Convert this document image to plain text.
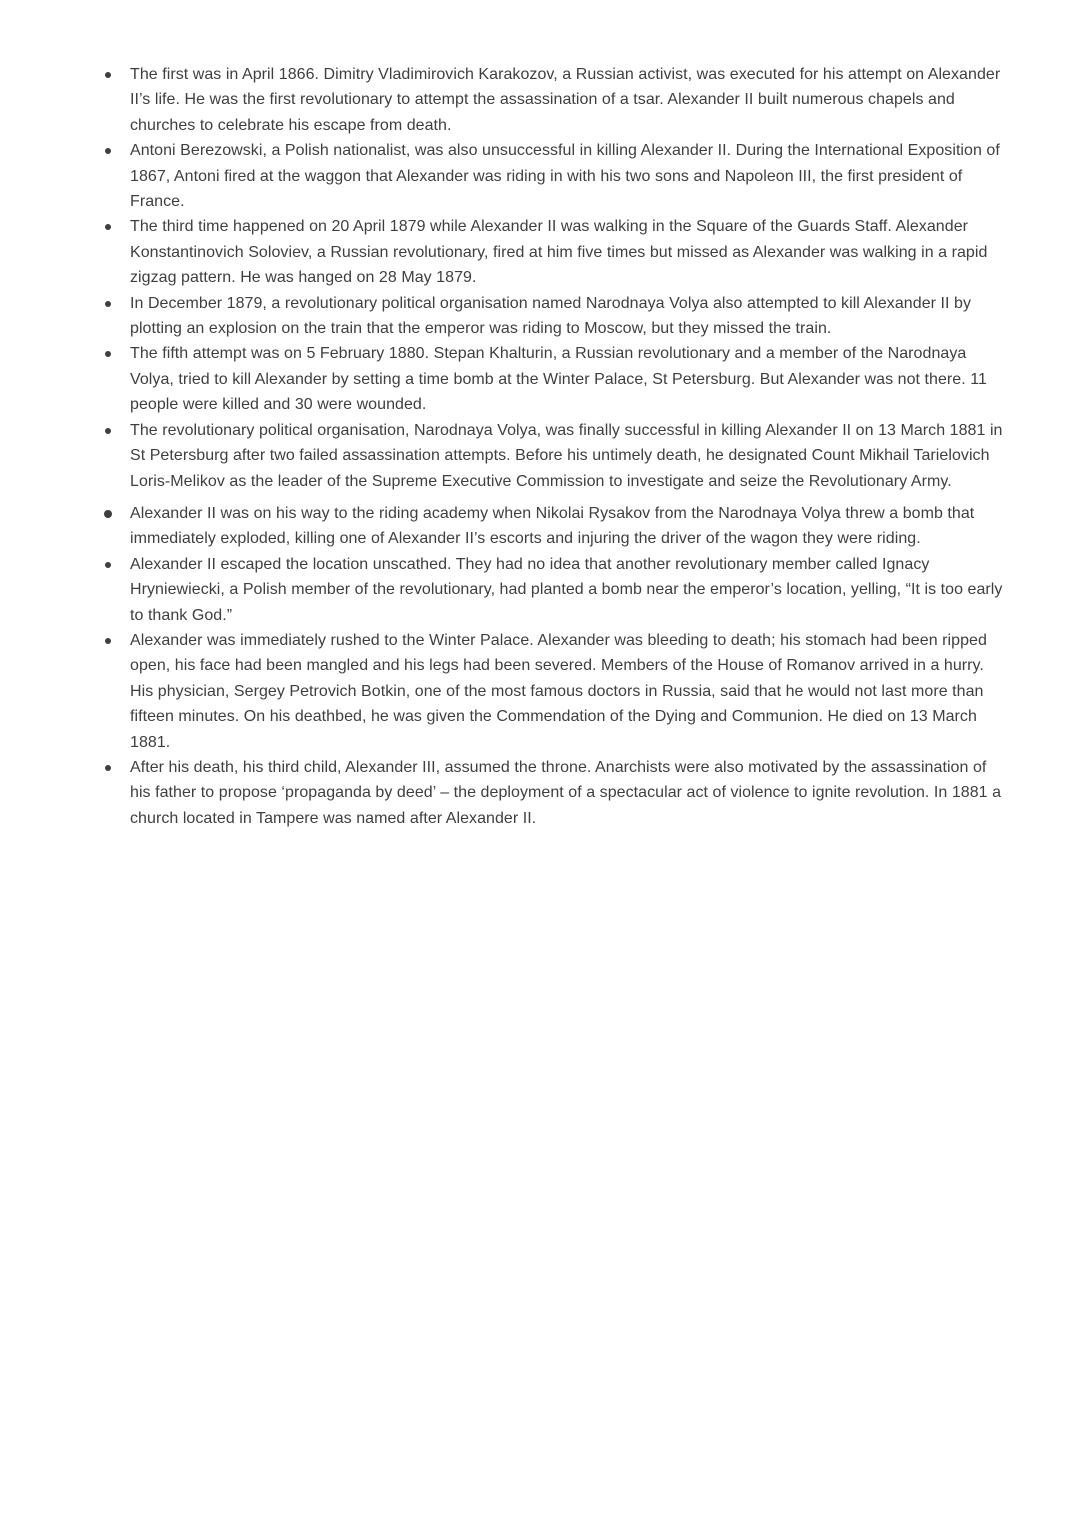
The first was in April 1866. Dimitry Vladimirovich Karakozov, a Russian activist, was executed for his attempt on Alexander II’s life. He was the first revolutionary to attempt the assassination of a tsar. Alexander II built numerous chapels and churches to celebrate his escape from death.
Antoni Berezowski, a Polish nationalist, was also unsuccessful in killing Alexander II. During the International Exposition of 1867, Antoni fired at the waggon that Alexander was riding in with his two sons and Napoleon III, the first president of France.
The third time happened on 20 April 1879 while Alexander II was walking in the Square of the Guards Staff. Alexander Konstantinovich Soloviev, a Russian revolutionary, fired at him five times but missed as Alexander was walking in a rapid zigzag pattern. He was hanged on 28 May 1879.
In December 1879, a revolutionary political organisation named Narodnaya Volya also attempted to kill Alexander II by plotting an explosion on the train that the emperor was riding to Moscow, but they missed the train.
The fifth attempt was on 5 February 1880. Stepan Khalturin, a Russian revolutionary and a member of the Narodnaya Volya, tried to kill Alexander by setting a time bomb at the Winter Palace, St Petersburg. But Alexander was not there. 11 people were killed and 30 were wounded.
The revolutionary political organisation, Narodnaya Volya, was finally successful in killing Alexander II on 13 March 1881 in St Petersburg after two failed assassination attempts. Before his untimely death, he designated Count Mikhail Tarielovich Loris-Melikov as the leader of the Supreme Executive Commission to investigate and seize the Revolutionary Army.
Alexander II was on his way to the riding academy when Nikolai Rysakov from the Narodnaya Volya threw a bomb that immediately exploded, killing one of Alexander II’s escorts and injuring the driver of the wagon they were riding.
Alexander II escaped the location unscathed. They had no idea that another revolutionary member called Ignacy Hryniewiecki, a Polish member of the revolutionary, had planted a bomb near the emperor’s location, yelling, “It is too early to thank God.”
Alexander was immediately rushed to the Winter Palace. Alexander was bleeding to death; his stomach had been ripped open, his face had been mangled and his legs had been severed. Members of the House of Romanov arrived in a hurry. His physician, Sergey Petrovich Botkin, one of the most famous doctors in Russia, said that he would not last more than fifteen minutes. On his deathbed, he was given the Commendation of the Dying and Communion. He died on 13 March 1881.
After his death, his third child, Alexander III, assumed the throne. Anarchists were also motivated by the assassination of his father to propose ‘propaganda by deed’ – the deployment of a spectacular act of violence to ignite revolution. In 1881 a church located in Tampere was named after Alexander II.
